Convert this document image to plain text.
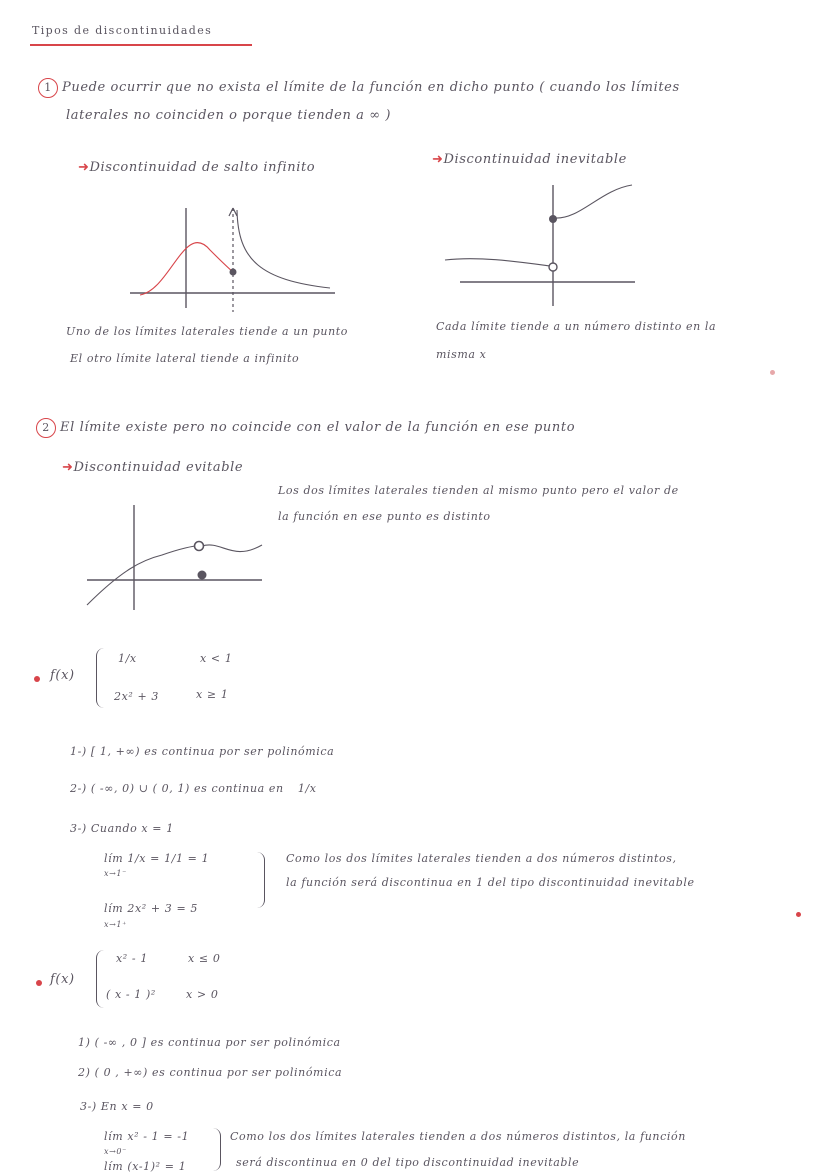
Tipos de discontinuidades
1 Puede ocurrir que no exista el límite de la función en dicho punto ( cuando los límites
laterales no coinciden o porque tienden a ∞ )
➜Discontinuidad de salto infinito
➜Discontinuidad inevitable
Uno de los límites laterales tiende a un punto
El otro límite lateral tiende a infinito
Cada límite tiende a un número distinto en la
misma x
2 El límite existe pero no coincide con el valor de la función en ese punto
➜Discontinuidad evitable
Los dos límites laterales tienden al mismo punto pero el valor de
la función en ese punto es distinto
f(x)
1/x	x < 1
2x² + 3	x ≥ 1
1-) [ 1, +∞) es continua por ser polinómica
2-) ( -∞, 0) ∪ ( 0, 1) es continua en 1/x
3-) Cuando x = 1
lím 1/x = 1/1 = 1
x→1⁻
lím 2x² + 3 = 5
x→1⁺
Como los dos límites laterales tienden a dos números distintos,
la función será discontinua en 1 del tipo discontinuidad inevitable
f(x)
x² - 1	x ≤ 0
( x - 1 )²	x > 0
1) ( -∞ , 0 ] es continua por ser polinómica
2) ( 0 , +∞) es continua por ser polinómica
3-) En x = 0
lím x² - 1 = -1
x→0⁻
lím (x-1)² = 1
Como los dos límites laterales tienden a dos números distintos, la función
será discontinua en 0 del tipo discontinuidad inevitable
